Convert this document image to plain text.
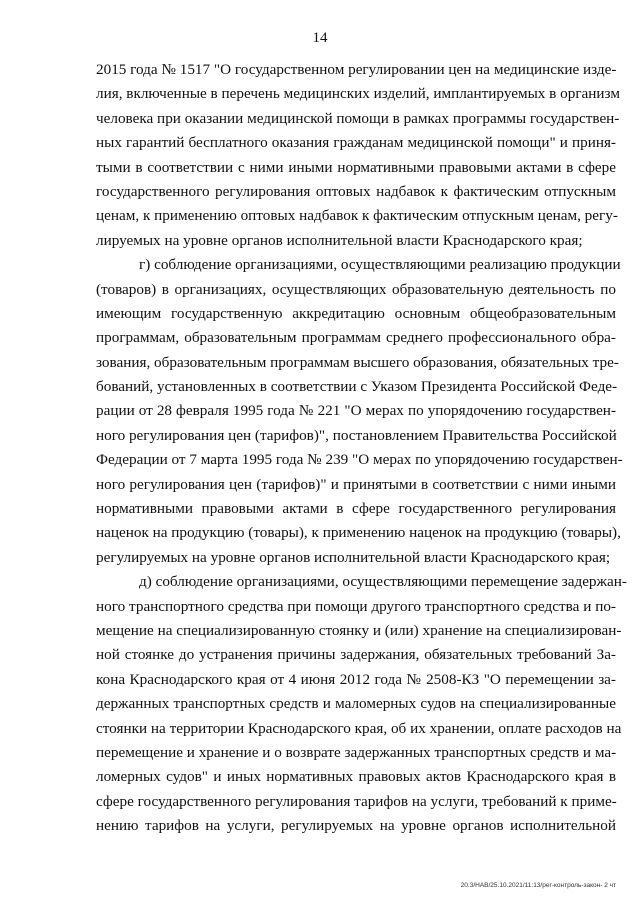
14
2015 года № 1517 "О государственном регулировании цен на медицинские изде-
лия, включенные в перечень медицинских изделий, имплантируемых в организм
человека при оказании медицинской помощи в рамках программы государствен-
ных гарантий бесплатного оказания гражданам медицинской помощи" и приня-
тыми в соответствии с ними иными нормативными правовыми актами в сфере
государственного регулирования оптовых надбавок к фактическим отпускным
ценам, к применению оптовых надбавок к фактическим отпускным ценам, регу-
лируемых на уровне органов исполнительной власти Краснодарского края;
г) соблюдение организациями, осуществляющими реализацию продукции
(товаров) в организациях, осуществляющих образовательную деятельность по
имеющим государственную аккредитацию основным общеобразовательным
программам, образовательным программам среднего профессионального обра-
зования, образовательным программам высшего образования, обязательных тре-
бований, установленных в соответствии с Указом Президента Российской Феде-
рации от 28 февраля 1995 года № 221 "О мерах по упорядочению государствен-
ного регулирования цен (тарифов)", постановлением Правительства Российской
Федерации от 7 марта 1995 года № 239 "О мерах по упорядочению государствен-
ного регулирования цен (тарифов)" и принятыми в соответствии с ними иными
нормативными правовыми актами в сфере государственного регулирования
наценок на продукцию (товары), к применению наценок на продукцию (товары),
регулируемых на уровне органов исполнительной власти Краснодарского края;
д) соблюдение организациями, осуществляющими перемещение задержан-
ного транспортного средства при помощи другого транспортного средства и по-
мещение на специализированную стоянку и (или) хранение на специализирован-
ной стоянке до устранения причины задержания, обязательных требований За-
кона Краснодарского края от 4 июня 2012 года № 2508-КЗ "О перемещении за-
держанных транспортных средств и маломерных судов на специализированные
стоянки на территории Краснодарского края, об их хранении, оплате расходов на
перемещение и хранение и о возврате задержанных транспортных средств и ма-
ломерных судов" и иных нормативных правовых актов Краснодарского края в
сфере государственного регулирования тарифов на услуги, требований к приме-
нению тарифов на услуги, регулируемых на уровне органов исполнительной
20.3/НАВ/25.10.2021/11:13/рег-контроль-закон- 2 чт
